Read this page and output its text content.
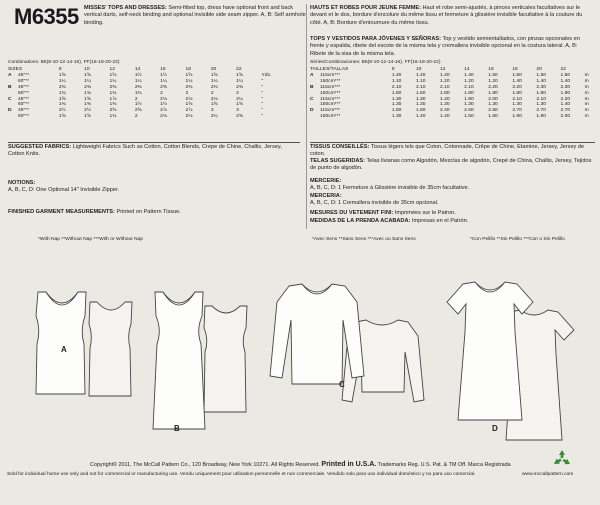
M6355 MISSES' TOPS AND DRESSES: Semi-fitted top, dress have optional front and back vertical darts, self-neck binding and optional invisible side seam zipper. A, B: Self armhole binding.
HAUTS ET ROBES POUR JEUNE FEMME: Haut et robe semi-ajustés, à pinces verticales facultatives sur le devant et le dos, bordure d'encolure du même tissu et fermeture à glissière invisible facultative à la couture du côté. A, B: Bordure d'entournure du même tissu.
TOPS Y VESTIDOS PARA JÓVENES Y SEÑORAS: Top y vestido semientallados, con pinzas opcionales en frente y espalda, ribete del escote de la misma tela y cremallera invisible opcional en la costura lateral. A, B: Ribete de la sisa de la misma tela.
Combinations: B5(8-10-12-14-16), FF(16-18-20-22)
SIZES		8	10	12	14	16	18	20	22	
A	45"**	1⅝	1⅝	1⅝	1½	1½	1⅝	1⅝	1⅝	Yds.
	60"**	1¼	1¼	1¼	1¼	1¼	1¼	1¼	1¼	"
B	45"**	2⅜	2⅜	2⅜	2⅜	2⅜	2⅜	2⅜	2⅜	"
	60"**	1¾	1¾	1¾	1¾	2	2	2	2	"
C	45"**	1⅝	1⅝	1⅞	2	2⅛	2⅛	2⅛	2¼	"
	60"**	1⅜	1⅜	1⅜	1½	1½	1⅝	1⅝	1⅝	"
D	45"**	2½	2½	2⅝	2⅝	2⅞	2⅞	3	3	"
	60"**	1⅝	1⅝	1¾	2	2⅛	2⅛	2¼	2⅜	"
Séries/Combinaciones: B5(8-10-12-14-16), FF(16-18-20-22)
TAILLES/TALLAS		8	10	12	14	16	18	20	22	
A	115cm***	1.40	1.40	1.40	1.40	1.50	1.50	1.50	1.50	m
	150cm***	1.10	1.10	1.20	1.20	1.20	1.40	1.40	1.40	m
B	115cm***	2.10	2.10	2.10	2.10	2.20	2.20	2.30	2.30	m
	150cm***	1.60	1.60	1.80	1.80	1.80	1.80	1.80	1.80	m
C	115cm***	1.30	1.30	1.40	1.90	2.00	2.10	2.10	2.20	m
	150cm***	1.30	1.30	1.30	1.30	1.30	1.30	1.30	1.40	m
D	115cm***	1.50	1.60	2.40	2.60	2.60	2.70	2.70	2.70	m
	150cm***	1.30	1.40	1.40	1.50	1.60	1.90	1.90	2.00	m
SUGGESTED FABRICS: Lightweight Fabrics Such as Cotton, Cotton Blends, Crepe de Chine, Challis, Jersey, Cotton Knits.
TISSUS CONSEILLÉS: Tissus légers tels que Coton, Cotonnade, Crêpe de Chine, Etamine, Jersey, Jersey de coton.
TELAS SUGERIDAS: Telas livianas como Algodón, Mezclas de algodón, Crepé de China, Challis, Jersey, Tejidos de punto de algodón.
NOTIONS:
A, B, C, D: One Optional 14" Invisible Zipper.
MERCERIE:
A, B, C, D: 1 Fermeture à Glissière invisible de 35cm facultative.
MERCERIA:
A, B, C, D: 1 Cremallera invisible de 35cm opcional.
FINISHED GARMENT MEASUREMENTS: Printed on Pattern Tissue.	MESURES DU VETEMENT FINI: Imprimées sur le Patron.
MEDIDAS DE LA PRENDA ACABADA: Impresas en el Patrón.
*With Nap **Without Nap ***With or Without Nap	*Avec Sens **Sans Sens ***Avec ou Sans Sens	*Con Pelillo **Sin Pelillo ***Con o Sin Pelillo
A
B
C
D
Copyright© 2011, The McCall Pattern Co., 120 Broadway, New York 10271. All Rights Reserved. Printed in U.S.A. Trademarks Reg. U.S. Pat. & TM Off. Marca Registrada
Sold for individual home use only and not for commercial or manufacturing use. Vendu uniquement pour utilisation personnelle et non commerciale. Vendido solo para uso individual doméstico y no para uso comercial.	www.mccallpattern.com
